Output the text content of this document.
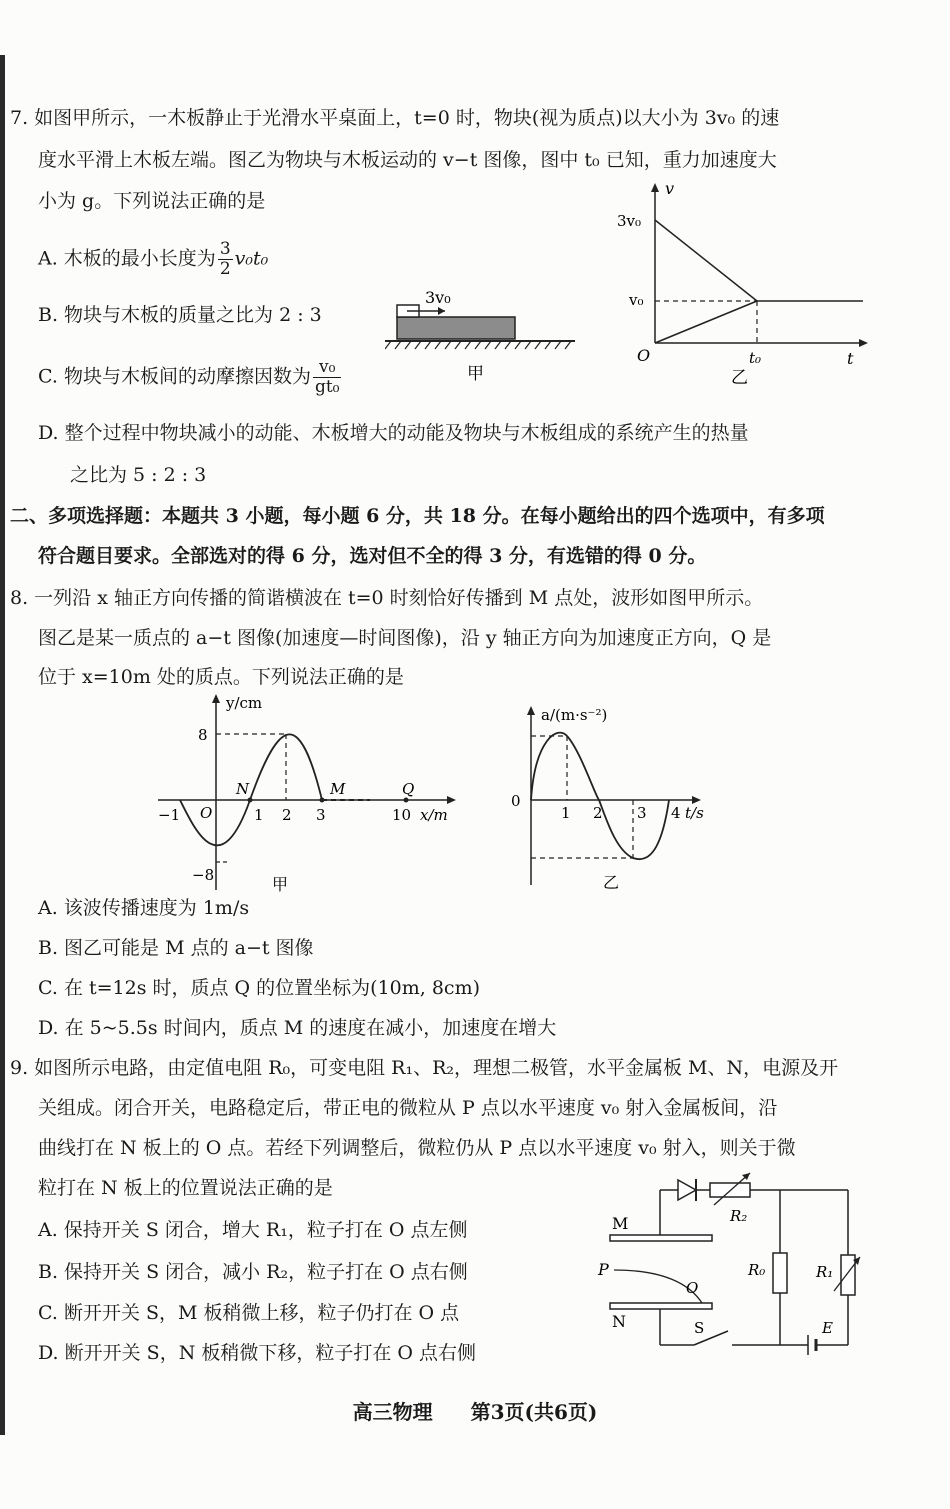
7. 如图甲所示，一木板静止于光滑水平桌面上，t=0 时，物块(视为质点)以大小为 3v₀ 的速
度水平滑上木板左端。图乙为物块与木板运动的 v−t 图像，图中 t₀ 已知，重力加速度大
小为 g。下列说法正确的是
A. 木板的最小长度为 $\frac{3}{2} v_0t_0$
B. 物块与木板的质量之比为 2 : 3
C. 物块与木板间的动摩擦因数为 $\frac{\text{v₀}}{\text{gt₀}}$
D. 整个过程中物块减小的动能、木板增大的动能及物块与木板组成的系统产生的热量
之比为 5 : 2 : 3
3v₀
甲
v
t
O
3v₀
v₀
t₀
乙
二、多项选择题：本题共 3 小题，每小题 6 分，共 18 分。在每小题给出的四个选项中，有多项
符合题目要求。全部选对的得 6 分，选对但不全的得 3 分，有选错的得 0 分。
8. 一列沿 x 轴正方向传播的简谐横波在 t=0 时刻恰好传播到 M 点处，波形如图甲所示。
图乙是某一质点的 a−t 图像(加速度—时间图像)，沿 y 轴正方向为加速度正方向，Q 是
位于 x=10m 处的质点。下列说法正确的是
y/cm
8
−8
−1 O	1 2 3	10 x/m
N	M	Q
甲
a/(m·s⁻²)
0
1 2 3 4 t/s
乙
A. 该波传播速度为 1m/s
B. 图乙可能是 M 点的 a−t 图像
C. 在 t=12s 时，质点 Q 的位置坐标为(10m, 8cm)
D. 在 5~5.5s 时间内，质点 M 的速度在减小，加速度在增大
9. 如图所示电路，由定值电阻 R₀，可变电阻 R₁、R₂，理想二极管，水平金属板 M、N，电源及开
关组成。闭合开关，电路稳定后，带正电的微粒从 P 点以水平速度 v₀ 射入金属板间，沿
曲线打在 N 板上的 O 点。若经下列调整后，微粒仍从 P 点以水平速度 v₀ 射入，则关于微
粒打在 N 板上的位置说法正确的是
A. 保持开关 S 闭合，增大 R₁，粒子打在 O 点左侧
B. 保持开关 S 闭合，减小 R₂，粒子打在 O 点右侧
C. 断开开关 S，M 板稍微上移，粒子仍打在 O 点
D. 断开开关 S，N 板稍微下移，粒子打在 O 点右侧
R₂
M
N
P
O
S	E
R₁
R₀
高三物理 第3页(共6页)
